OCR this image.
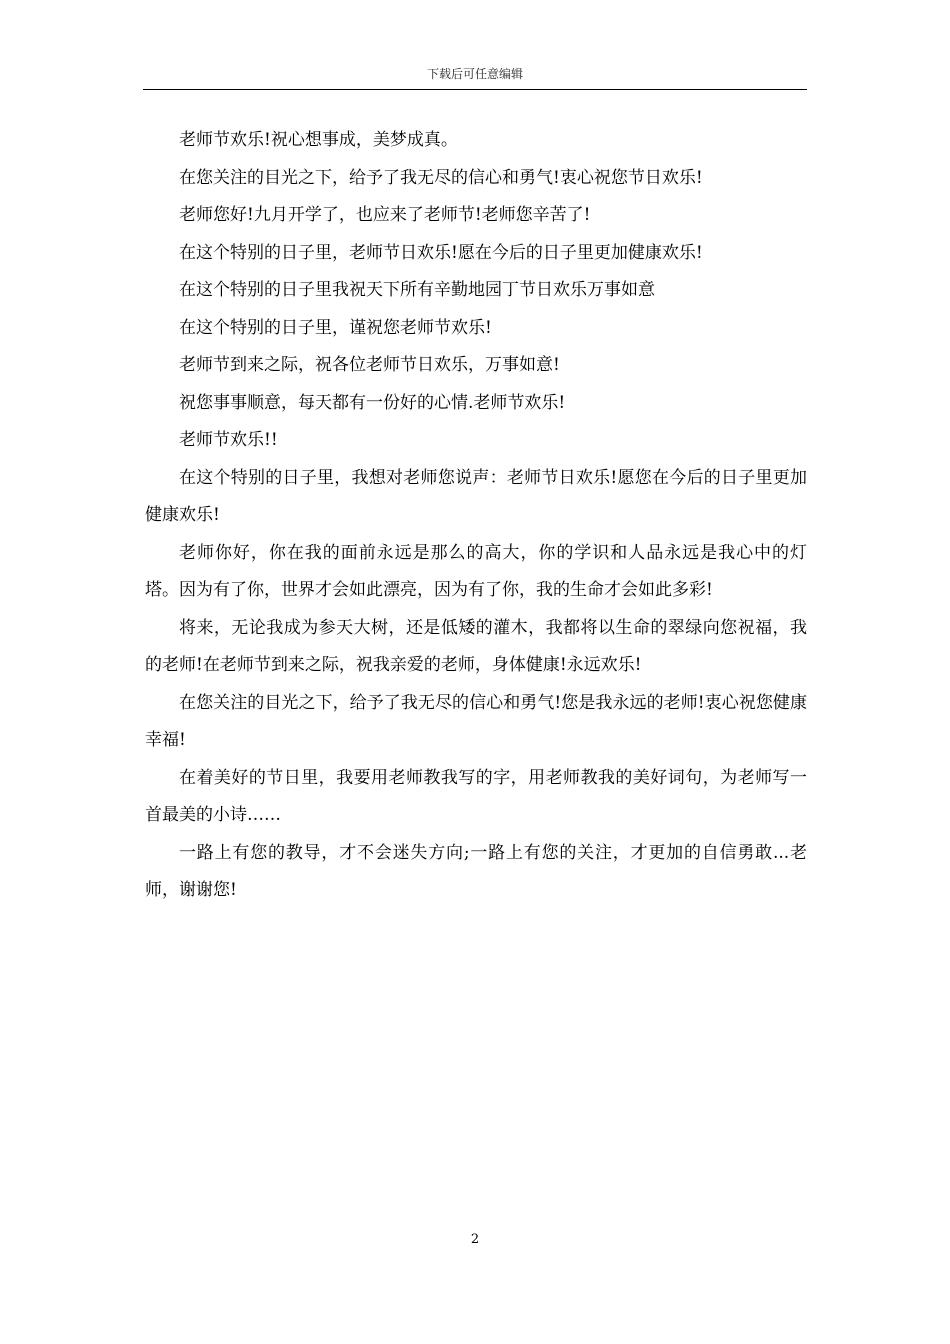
下载后可任意编辑

老师节欢乐!祝心想事成，美梦成真。

在您关注的目光之下，给予了我无尽的信心和勇气!衷心祝您节日欢乐!

老师您好!九月开学了，也应来了老师节!老师您辛苦了!

在这个特别的日子里，老师节日欢乐!愿在今后的日子里更加健康欢乐!

在这个特别的日子里我祝天下所有辛勤地园丁节日欢乐万事如意

在这个特别的日子里，谨祝您老师节欢乐!

老师节到来之际，祝各位老师节日欢乐，万事如意!

祝您事事顺意，每天都有一份好的心情.老师节欢乐!

老师节欢乐!!

在这个特别的日子里，我想对老师您说声：老师节日欢乐!愿您在今后的日子里更加健康欢乐!

老师你好，你在我的面前永远是那么的高大，你的学识和人品永远是我心中的灯塔。因为有了你，世界才会如此漂亮，因为有了你，我的生命才会如此多彩!

将来，无论我成为参天大树，还是低矮的灌木，我都将以生命的翠绿向您祝福，我的老师!在老师节到来之际，祝我亲爱的老师，身体健康!永远欢乐!

在您关注的目光之下，给予了我无尽的信心和勇气!您是我永远的老师!衷心祝您健康幸福!

在着美好的节日里，我要用老师教我写的字，用老师教我的美好词句，为老师写一首最美的小诗……

一路上有您的教导，才不会迷失方向;一路上有您的关注，才更加的自信勇敢...老师，谢谢您!

2
